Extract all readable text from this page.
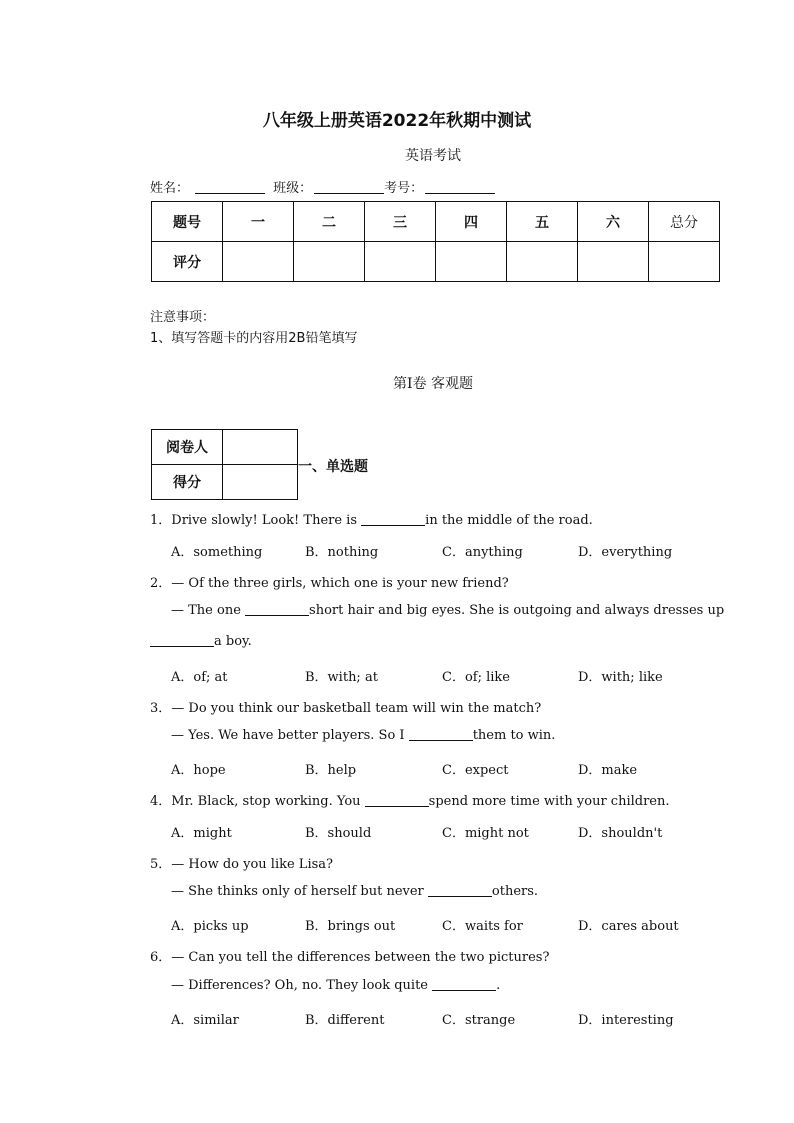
八年级上册英语2022年秋期中测试
英语考试
姓名：	班级：	考号：
题号	一	二	三	四	五	六	总分
评分							
注意事项：
1、填写答题卡的内容用2B铅笔填写
第I卷 客观题
阅卷人	
得分	
一、单选题
1．Drive slowly! Look! There is	in the middle of the road.
A．something	B．nothing	C．anything	D．everything
2．— Of the three girls, which one is your new friend?
— The one	short hair and big eyes. She is outgoing and always dresses up
a boy.
A．of; at	B．with; at	C．of; like	D．with; like
3．— Do you think our basketball team will win the match?
— Yes. We have better players. So I	them to win.
A．hope	B．help	C．expect	D．make
4．Mr. Black, stop working. You	spend more time with your children.
A．might	B．should	C．might not	D．shouldn't
5．— How do you like Lisa?
— She thinks only of herself but never	others.
A．picks up	B．brings out	C．waits for	D．cares about
6．— Can you tell the differences between the two pictures?
— Differences? Oh, no. They look quite	.
A．similar	B．different	C．strange	D．interesting
